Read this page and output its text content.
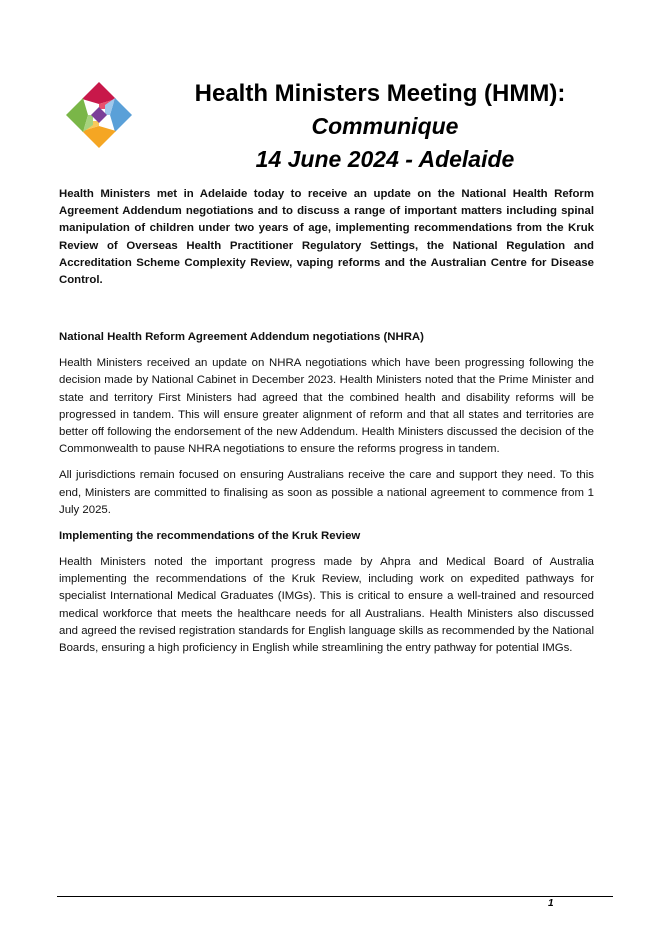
Health Ministers Meeting (HMM):
Communique
14 June 2024 - Adelaide

Health Ministers met in Adelaide today to receive an update on the National Health Reform Agreement Addendum negotiations and to discuss a range of important matters including spinal manipulation of children under two years of age, implementing recommendations from the Kruk Review of Overseas Health Practitioner Regulatory Settings, the National Regulation and Accreditation Scheme Complexity Review, vaping reforms and the Australian Centre for Disease Control.

National Health Reform Agreement Addendum negotiations (NHRA)

Health Ministers received an update on NHRA negotiations which have been progressing following the decision made by National Cabinet in December 2023. Health Ministers noted that the Prime Minister and state and territory First Ministers had agreed that the combined health and disability reforms will be progressed in tandem. This will ensure greater alignment of reform and that all states and territories are better off following the endorsement of the new Addendum. Health Ministers discussed the decision of the Commonwealth to pause NHRA negotiations to ensure the reforms progress in tandem.

All jurisdictions remain focused on ensuring Australians receive the care and support they need. To this end, Ministers are committed to finalising as soon as possible a national agreement to commence from 1 July 2025.

Implementing the recommendations of the Kruk Review

Health Ministers noted the important progress made by Ahpra and Medical Board of Australia implementing the recommendations of the Kruk Review, including work on expedited pathways for specialist International Medical Graduates (IMGs). This is critical to ensure a well-trained and resourced medical workforce that meets the healthcare needs for all Australians. Health Ministers also discussed and agreed the revised registration standards for English language skills as recommended by the National Boards, ensuring a high proficiency in English while streamlining the entry pathway for potential IMGs.

1
